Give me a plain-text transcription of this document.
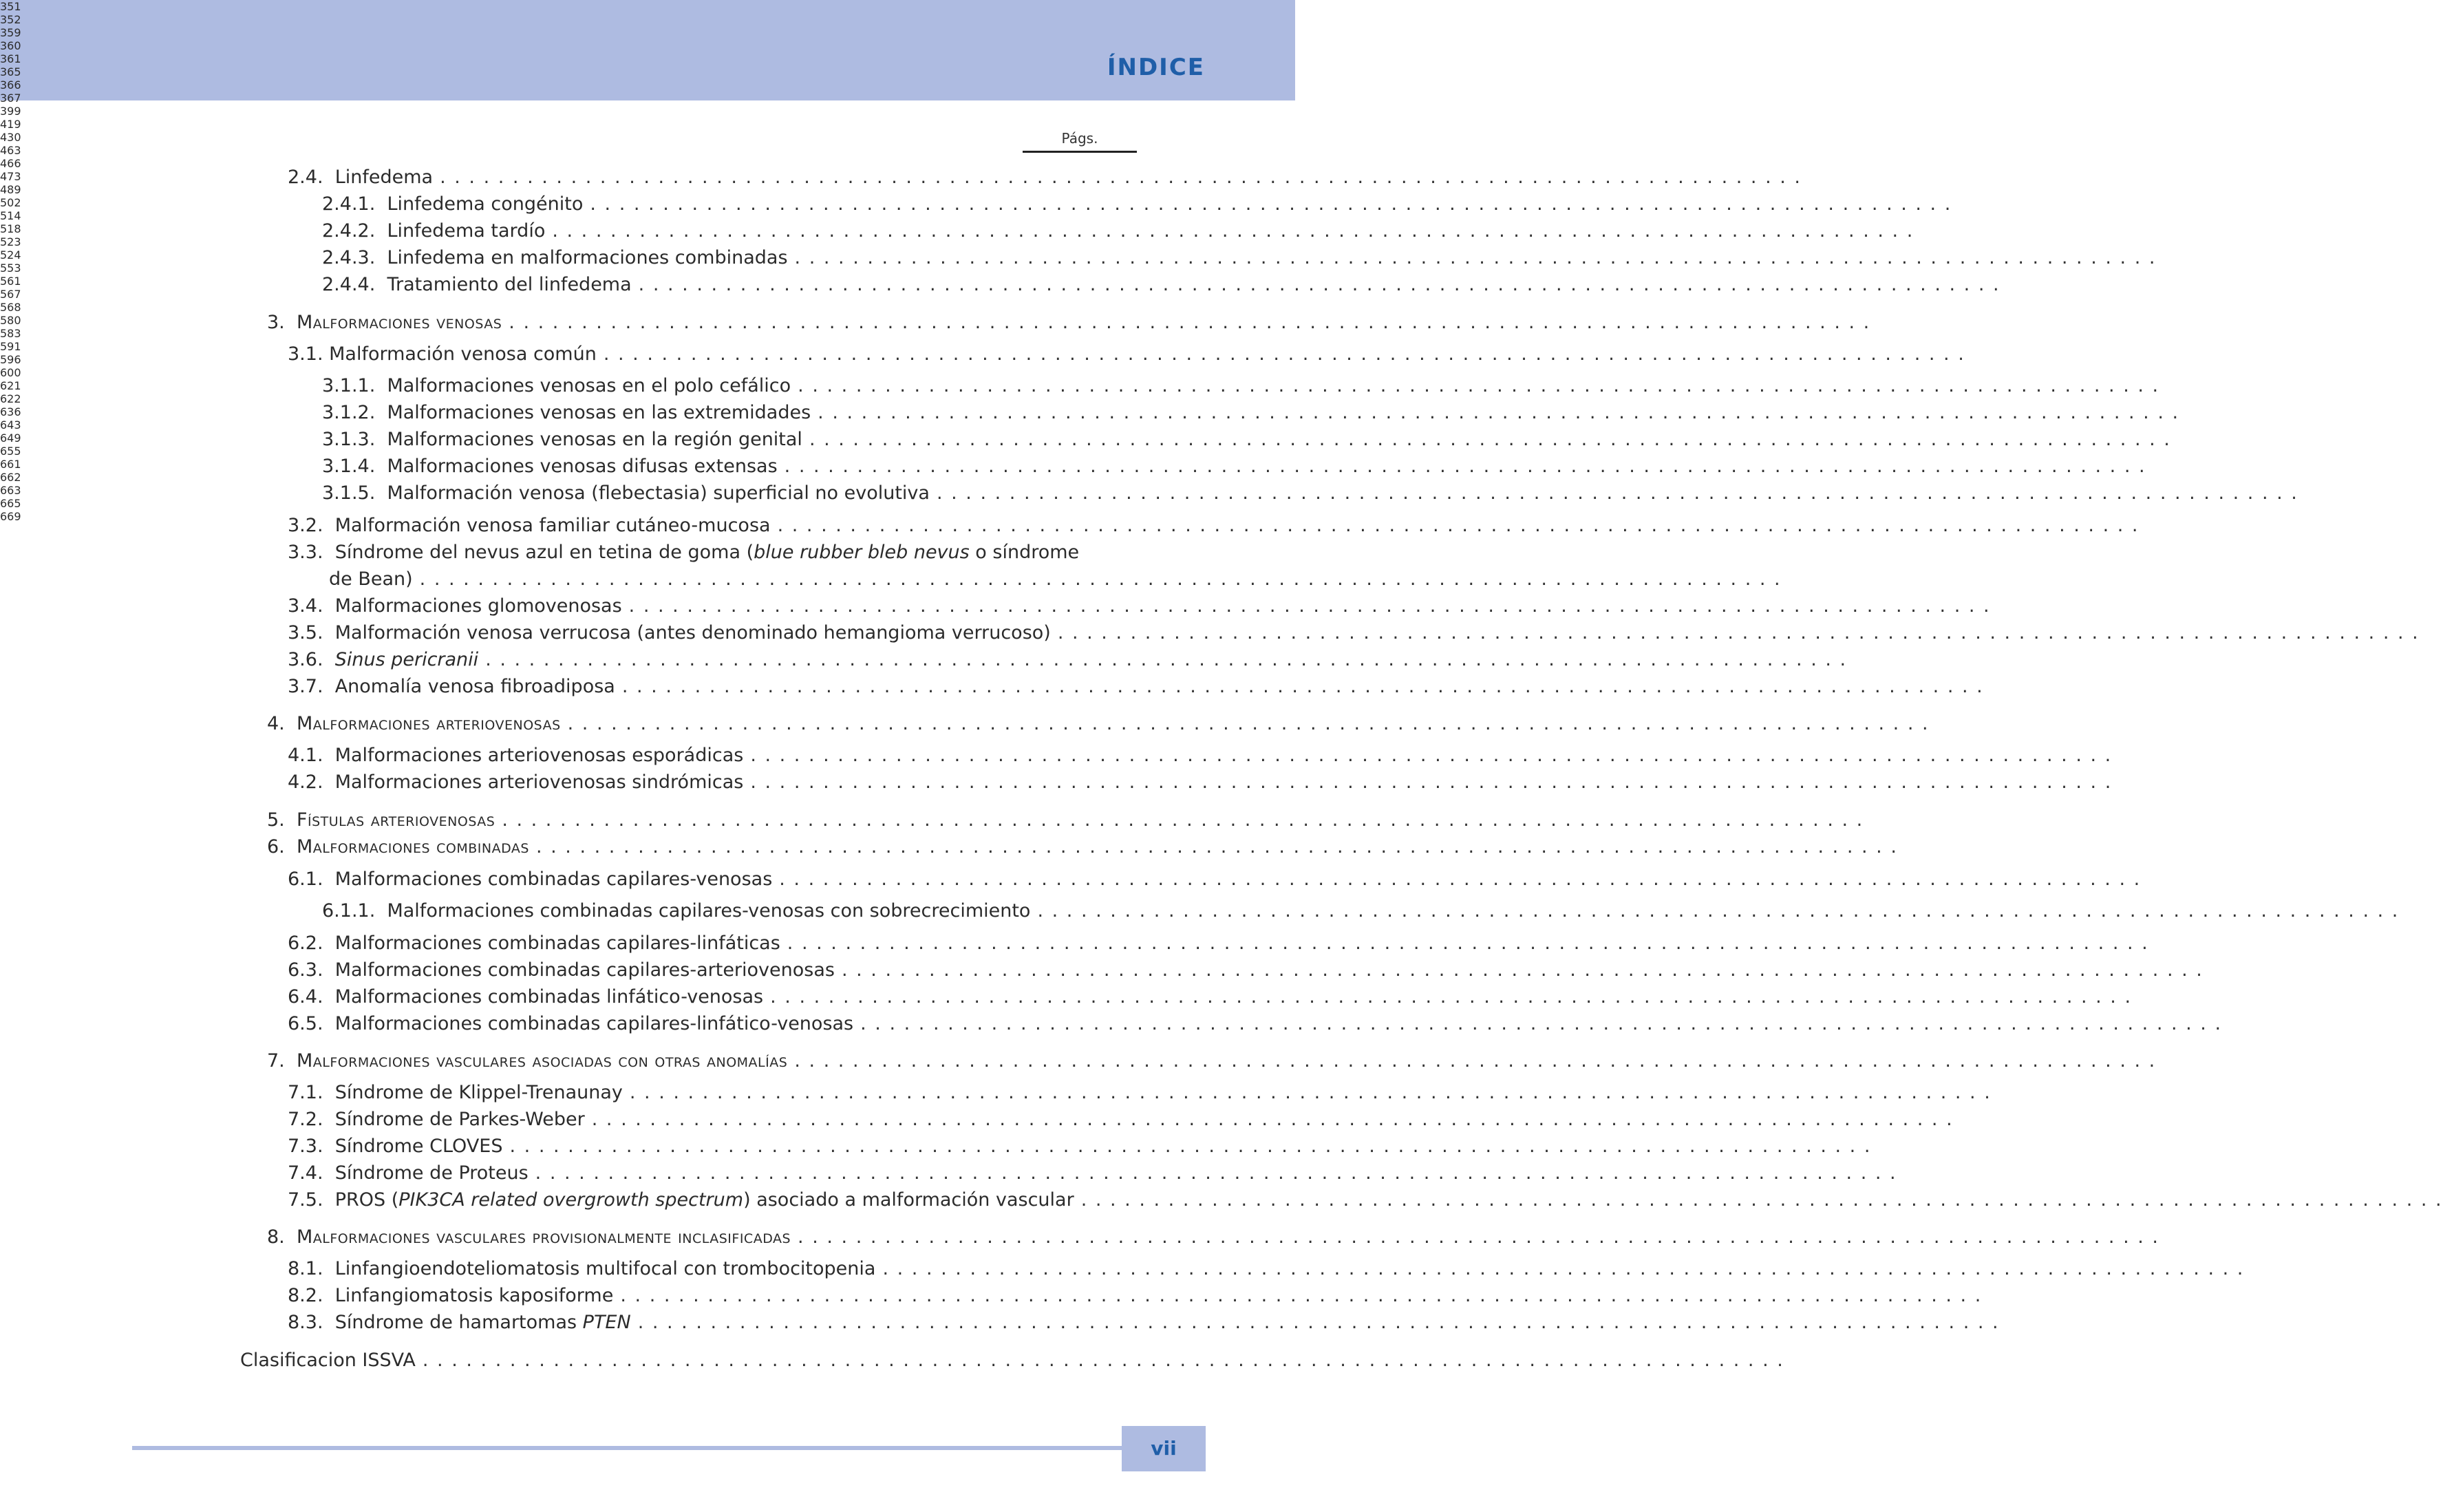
ÍNDICE
Págs.
2.4. Linfedema . . . . . . . . . . . . . . . . . . . . . . . . . . . . . . . . . . . . . . . . . . . . . . . . . . . . . . . . . . . . . . . . . . . . . . . . . . . . . . . . . . . . . . . . . . . . . .
351
2.4.1. Linfedema congénito . . . . . . . . . . . . . . . . . . . . . . . . . . . . . . . . . . . . . . . . . . . . . . . . . . . . . . . . . . . . . . . . . . . . . . . . . . . . . . . . . . . . . . . . . . . . . .
352
2.4.2. Linfedema tardío . . . . . . . . . . . . . . . . . . . . . . . . . . . . . . . . . . . . . . . . . . . . . . . . . . . . . . . . . . . . . . . . . . . . . . . . . . . . . . . . . . . . . . . . . . . . . .
359
2.4.3. Linfedema en malformaciones combinadas . . . . . . . . . . . . . . . . . . . . . . . . . . . . . . . . . . . . . . . . . . . . . . . . . . . . . . . . . . . . . . . . . . . . . . . . . . . . . . . . . . . . . . . . . . . . . .
360
2.4.4. Tratamiento del linfedema . . . . . . . . . . . . . . . . . . . . . . . . . . . . . . . . . . . . . . . . . . . . . . . . . . . . . . . . . . . . . . . . . . . . . . . . . . . . . . . . . . . . . . . . . . . . . .
361
3. Malformaciones venosas . . . . . . . . . . . . . . . . . . . . . . . . . . . . . . . . . . . . . . . . . . . . . . . . . . . . . . . . . . . . . . . . . . . . . . . . . . . . . . . . . . . . . . . . . . . . . .
365
3.1. Malformación venosa común . . . . . . . . . . . . . . . . . . . . . . . . . . . . . . . . . . . . . . . . . . . . . . . . . . . . . . . . . . . . . . . . . . . . . . . . . . . . . . . . . . . . . . . . . . . . . .
366
3.1.1. Malformaciones venosas en el polo cefálico . . . . . . . . . . . . . . . . . . . . . . . . . . . . . . . . . . . . . . . . . . . . . . . . . . . . . . . . . . . . . . . . . . . . . . . . . . . . . . . . . . . . . . . . . . . . . .
367
3.1.2. Malformaciones venosas en las extremidades . . . . . . . . . . . . . . . . . . . . . . . . . . . . . . . . . . . . . . . . . . . . . . . . . . . . . . . . . . . . . . . . . . . . . . . . . . . . . . . . . . . . . . . . . . . . . .
399
3.1.3. Malformaciones venosas en la región genital . . . . . . . . . . . . . . . . . . . . . . . . . . . . . . . . . . . . . . . . . . . . . . . . . . . . . . . . . . . . . . . . . . . . . . . . . . . . . . . . . . . . . . . . . . . . . .
419
3.1.4. Malformaciones venosas difusas extensas . . . . . . . . . . . . . . . . . . . . . . . . . . . . . . . . . . . . . . . . . . . . . . . . . . . . . . . . . . . . . . . . . . . . . . . . . . . . . . . . . . . . . . . . . . . . . .
430
3.1.5. Malformación venosa (flebectasia) superficial no evolutiva . . . . . . . . . . . . . . . . . . . . . . . . . . . . . . . . . . . . . . . . . . . . . . . . . . . . . . . . . . . . . . . . . . . . . . . . . . . . . . . . . . . . . . . . . . . . . .
463
3.2. Malformación venosa familiar cutáneo-mucosa . . . . . . . . . . . . . . . . . . . . . . . . . . . . . . . . . . . . . . . . . . . . . . . . . . . . . . . . . . . . . . . . . . . . . . . . . . . . . . . . . . . . . . . . . . . . . .
466
3.3. Síndrome del nevus azul en tetina de goma (blue rubber bleb nevus o síndrome
de Bean) . . . . . . . . . . . . . . . . . . . . . . . . . . . . . . . . . . . . . . . . . . . . . . . . . . . . . . . . . . . . . . . . . . . . . . . . . . . . . . . . . . . . . . . . . . . . . .
473
3.4. Malformaciones glomovenosas . . . . . . . . . . . . . . . . . . . . . . . . . . . . . . . . . . . . . . . . . . . . . . . . . . . . . . . . . . . . . . . . . . . . . . . . . . . . . . . . . . . . . . . . . . . . . .
489
3.5. Malformación venosa verrucosa (antes denominado hemangioma verrucoso) . . . . . . . . . . . . . . . . . . . . . . . . . . . . . . . . . . . . . . . . . . . . . . . . . . . . . . . . . . . . . . . . . . . . . . . . . . . . . . . . . . . . . . . . . . . . . .
502
3.6. Sinus pericranii . . . . . . . . . . . . . . . . . . . . . . . . . . . . . . . . . . . . . . . . . . . . . . . . . . . . . . . . . . . . . . . . . . . . . . . . . . . . . . . . . . . . . . . . . . . . . .
514
3.7. Anomalía venosa fibroadiposa . . . . . . . . . . . . . . . . . . . . . . . . . . . . . . . . . . . . . . . . . . . . . . . . . . . . . . . . . . . . . . . . . . . . . . . . . . . . . . . . . . . . . . . . . . . . . .
518
4. Malformaciones arteriovenosas . . . . . . . . . . . . . . . . . . . . . . . . . . . . . . . . . . . . . . . . . . . . . . . . . . . . . . . . . . . . . . . . . . . . . . . . . . . . . . . . . . . . . . . . . . . . . .
523
4.1. Malformaciones arteriovenosas esporádicas . . . . . . . . . . . . . . . . . . . . . . . . . . . . . . . . . . . . . . . . . . . . . . . . . . . . . . . . . . . . . . . . . . . . . . . . . . . . . . . . . . . . . . . . . . . . . .
524
4.2. Malformaciones arteriovenosas sindrómicas . . . . . . . . . . . . . . . . . . . . . . . . . . . . . . . . . . . . . . . . . . . . . . . . . . . . . . . . . . . . . . . . . . . . . . . . . . . . . . . . . . . . . . . . . . . . . .
553
5. Fístulas arteriovenosas . . . . . . . . . . . . . . . . . . . . . . . . . . . . . . . . . . . . . . . . . . . . . . . . . . . . . . . . . . . . . . . . . . . . . . . . . . . . . . . . . . . . . . . . . . . . . .
561
6. Malformaciones combinadas . . . . . . . . . . . . . . . . . . . . . . . . . . . . . . . . . . . . . . . . . . . . . . . . . . . . . . . . . . . . . . . . . . . . . . . . . . . . . . . . . . . . . . . . . . . . . .
567
6.1. Malformaciones combinadas capilares-venosas . . . . . . . . . . . . . . . . . . . . . . . . . . . . . . . . . . . . . . . . . . . . . . . . . . . . . . . . . . . . . . . . . . . . . . . . . . . . . . . . . . . . . . . . . . . . . .
568
6.1.1. Malformaciones combinadas capilares-venosas con sobrecrecimiento . . . . . . . . . . . . . . . . . . . . . . . . . . . . . . . . . . . . . . . . . . . . . . . . . . . . . . . . . . . . . . . . . . . . . . . . . . . . . . . . . . . . . . . . . . . . . .
580
6.2. Malformaciones combinadas capilares-linfáticas . . . . . . . . . . . . . . . . . . . . . . . . . . . . . . . . . . . . . . . . . . . . . . . . . . . . . . . . . . . . . . . . . . . . . . . . . . . . . . . . . . . . . . . . . . . . . .
583
6.3. Malformaciones combinadas capilares-arteriovenosas . . . . . . . . . . . . . . . . . . . . . . . . . . . . . . . . . . . . . . . . . . . . . . . . . . . . . . . . . . . . . . . . . . . . . . . . . . . . . . . . . . . . . . . . . . . . . .
591
6.4. Malformaciones combinadas linfático-venosas . . . . . . . . . . . . . . . . . . . . . . . . . . . . . . . . . . . . . . . . . . . . . . . . . . . . . . . . . . . . . . . . . . . . . . . . . . . . . . . . . . . . . . . . . . . . . .
596
6.5. Malformaciones combinadas capilares-linfático-venosas . . . . . . . . . . . . . . . . . . . . . . . . . . . . . . . . . . . . . . . . . . . . . . . . . . . . . . . . . . . . . . . . . . . . . . . . . . . . . . . . . . . . . . . . . . . . . .
600
7. Malformaciones vasculares asociadas con otras anomalías . . . . . . . . . . . . . . . . . . . . . . . . . . . . . . . . . . . . . . . . . . . . . . . . . . . . . . . . . . . . . . . . . . . . . . . . . . . . . . . . . . . . . . . . . . . . . .
621
7.1. Síndrome de Klippel-Trenaunay . . . . . . . . . . . . . . . . . . . . . . . . . . . . . . . . . . . . . . . . . . . . . . . . . . . . . . . . . . . . . . . . . . . . . . . . . . . . . . . . . . . . . . . . . . . . . .
622
7.2. Síndrome de Parkes-Weber . . . . . . . . . . . . . . . . . . . . . . . . . . . . . . . . . . . . . . . . . . . . . . . . . . . . . . . . . . . . . . . . . . . . . . . . . . . . . . . . . . . . . . . . . . . . . .
636
7.3. Síndrome CLOVES . . . . . . . . . . . . . . . . . . . . . . . . . . . . . . . . . . . . . . . . . . . . . . . . . . . . . . . . . . . . . . . . . . . . . . . . . . . . . . . . . . . . . . . . . . . . . .
643
7.4. Síndrome de Proteus . . . . . . . . . . . . . . . . . . . . . . . . . . . . . . . . . . . . . . . . . . . . . . . . . . . . . . . . . . . . . . . . . . . . . . . . . . . . . . . . . . . . . . . . . . . . . .
649
7.5. PROS (PIK3CA related overgrowth spectrum) asociado a malformación vascular . . . . . . . . . . . . . . . . . . . . . . . . . . . . . . . . . . . . . . . . . . . . . . . . . . . . . . . . . . . . . . . . . . . . . . . . . . . . . . . . . . . . . . . . . . . . . .
655
8. Malformaciones vasculares provisionalmente inclasificadas . . . . . . . . . . . . . . . . . . . . . . . . . . . . . . . . . . . . . . . . . . . . . . . . . . . . . . . . . . . . . . . . . . . . . . . . . . . . . . . . . . . . . . . . . . . . . .
661
8.1. Linfangioendoteliomatosis multifocal con trombocitopenia . . . . . . . . . . . . . . . . . . . . . . . . . . . . . . . . . . . . . . . . . . . . . . . . . . . . . . . . . . . . . . . . . . . . . . . . . . . . . . . . . . . . . . . . . . . . . .
662
8.2. Linfangiomatosis kaposiforme . . . . . . . . . . . . . . . . . . . . . . . . . . . . . . . . . . . . . . . . . . . . . . . . . . . . . . . . . . . . . . . . . . . . . . . . . . . . . . . . . . . . . . . . . . . . . .
663
8.3. Síndrome de hamartomas PTEN . . . . . . . . . . . . . . . . . . . . . . . . . . . . . . . . . . . . . . . . . . . . . . . . . . . . . . . . . . . . . . . . . . . . . . . . . . . . . . . . . . . . . . . . . . . . . .
665
Clasificacion ISSVA . . . . . . . . . . . . . . . . . . . . . . . . . . . . . . . . . . . . . . . . . . . . . . . . . . . . . . . . . . . . . . . . . . . . . . . . . . . . . . . . . . . . . . . . . . . . . .
669
vii
